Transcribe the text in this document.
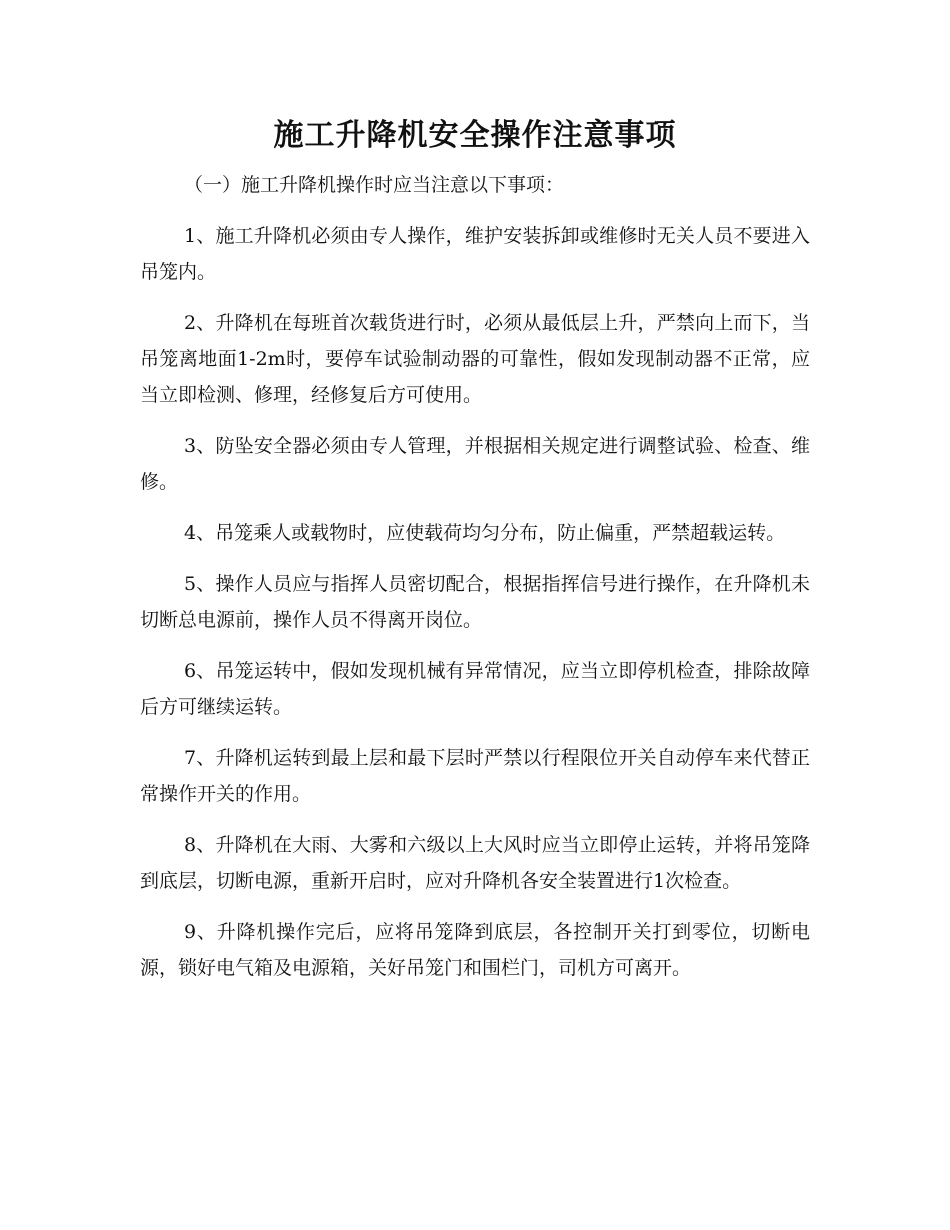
施工升降机安全操作注意事项

（一）施工升降机操作时应当注意以下事项：

1、施工升降机必须由专人操作，维护安装拆卸或维修时无关人员不要进入吊笼内。

2、升降机在每班首次载货进行时，必须从最低层上升，严禁向上而下，当吊笼离地面1-2m时，要停车试验制动器的可靠性，假如发现制动器不正常，应当立即检测、修理，经修复后方可使用。

3、防坠安全器必须由专人管理，并根据相关规定进行调整试验、检查、维修。

4、吊笼乘人或载物时，应使载荷均匀分布，防止偏重，严禁超载运转。

5、操作人员应与指挥人员密切配合，根据指挥信号进行操作，在升降机未切断总电源前，操作人员不得离开岗位。

6、吊笼运转中，假如发现机械有异常情况，应当立即停机检查，排除故障后方可继续运转。

7、升降机运转到最上层和最下层时严禁以行程限位开关自动停车来代替正常操作开关的作用。

8、升降机在大雨、大雾和六级以上大风时应当立即停止运转，并将吊笼降到底层，切断电源，重新开启时，应对升降机各安全装置进行1次检查。

9、升降机操作完后，应将吊笼降到底层，各控制开关打到零位，切断电源，锁好电气箱及电源箱，关好吊笼门和围栏门，司机方可离开。
